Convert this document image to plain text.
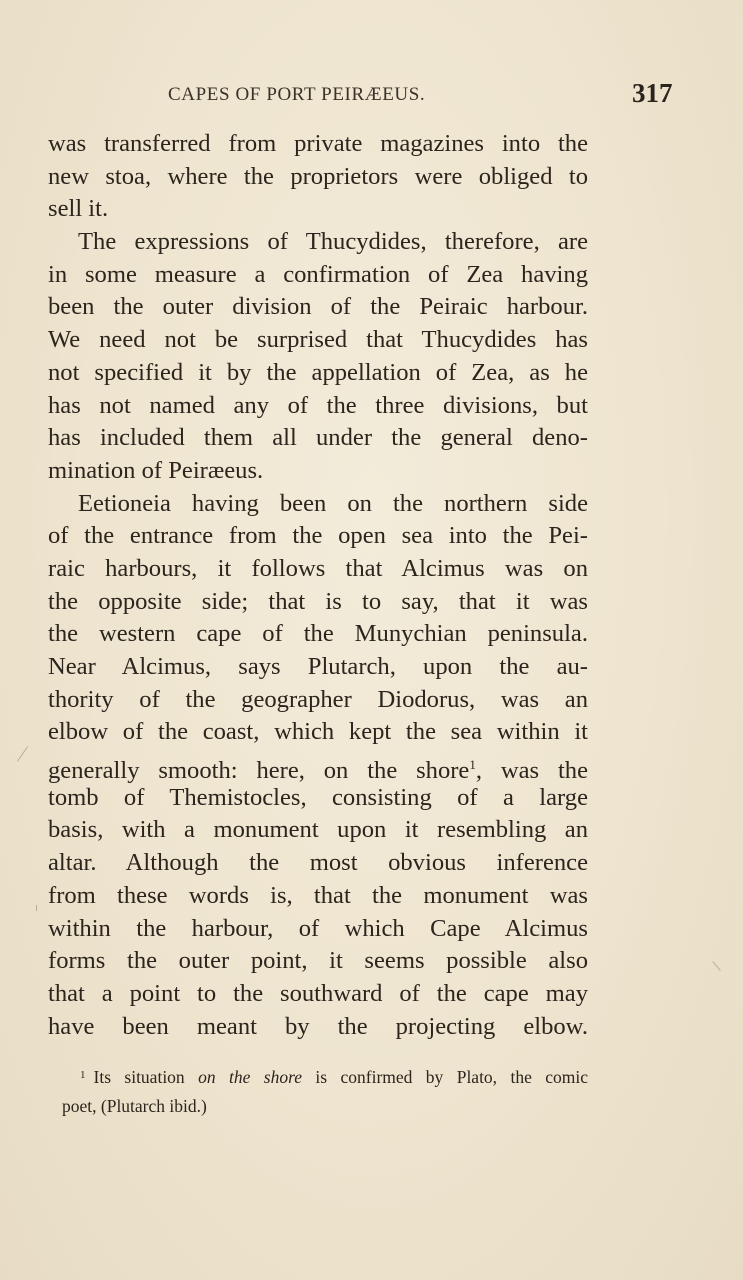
CAPES OF PORT PEIRÆEUS.	317
was transferred from private magazines into the
new stoa, where the proprietors were obliged to
sell it.
The expressions of Thucydides, therefore, are
in some measure a confirmation of Zea having
been the outer division of the Peiraic harbour.
We need not be surprised that Thucydides has
not specified it by the appellation of Zea, as he
has not named any of the three divisions, but
has included them all under the general deno-
mination of Peiræeus.
Eetioneia having been on the northern side
of the entrance from the open sea into the Pei-
raic harbours, it follows that Alcimus was on
the opposite side; that is to say, that it was
the western cape of the Munychian peninsula.
Near Alcimus, says Plutarch, upon the au-
thority of the geographer Diodorus, was an
elbow of the coast, which kept the sea within it
generally smooth: here, on the shore$^1$, was the
tomb of Themistocles, consisting of a large
basis, with a monument upon it resembling an
altar. Although the most obvious inference
from these words is, that the monument was
within the harbour, of which Cape Alcimus
forms the outer point, it seems possible also
that a point to the southward of the cape may
have been meant by the projecting elbow.
$^1$ Its situation on the shore is confirmed by Plato, the comic
poet, (Plutarch ibid.)
